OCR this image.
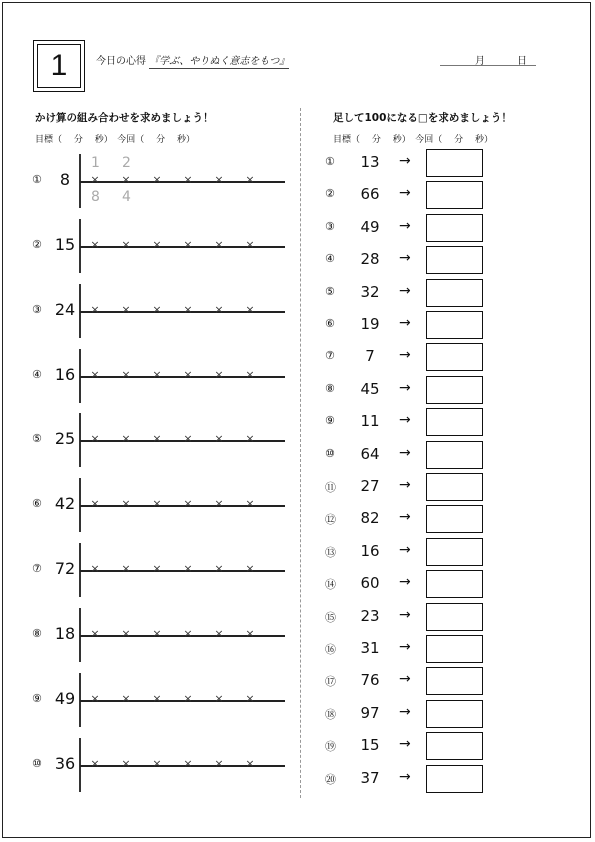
1	今日の心得 『学ぶ、やりぬく意志をもつ』	月	日
かけ算の組み合わせを求めましょう！
目標（　 分　 秒）　今回（　 分　 秒）
足して100になる□を求めましょう！
目標（　 分　 秒）　今回（　 分　 秒）
①	8	× × × × × ×
② 15 × × × × × ×
③ 24 × × × × × ×
④ 16 × × × × × ×
⑤ 25 × × × × × ×
⑥ 42 × × × × × ×
⑦ 72 × × × × × ×
⑧ 18 × × × × × ×
⑨ 49 × × × × × ×
⑩ 36 × × × × × ×
1 2
8 4
①	13	→
②	66	→
③	49	→
④	28	→
⑤	32	→
⑥	19	→
⑦	7	→
⑧	45	→
⑨	11	→
⑩	64	→
⑪	27	→
⑫	82	→
⑬	16	→
⑭	60	→
⑮	23	→
⑯	31	→
⑰	76	→
⑱	97	→
⑲	15	→
⑳	37	→
